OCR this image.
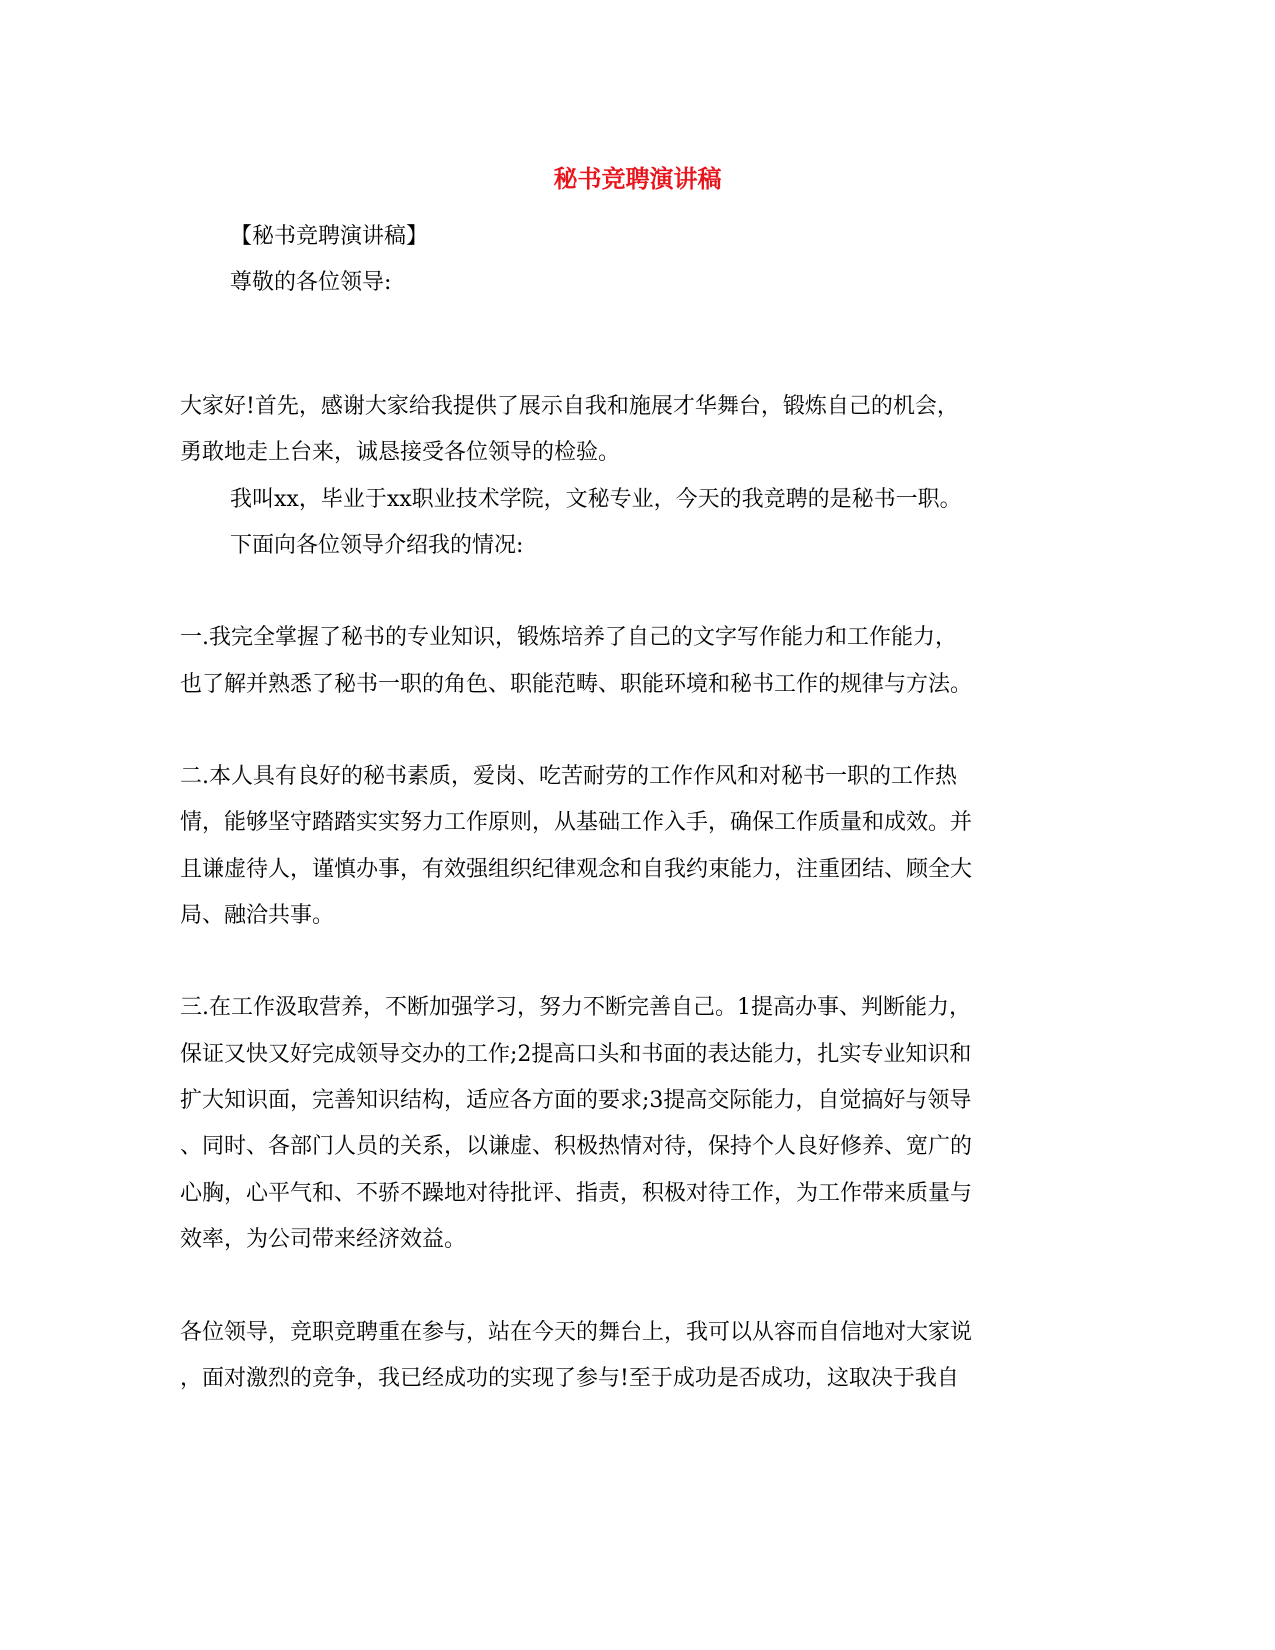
秘书竞聘演讲稿
【秘书竞聘演讲稿】
尊敬的各位领导:
大家好!首先，感谢大家给我提供了展示自我和施展才华舞台，锻炼自己的机会，
勇敢地走上台来，诚恳接受各位领导的检验。
我叫xx，毕业于xx职业技术学院，文秘专业，今天的我竞聘的是秘书一职。
下面向各位领导介绍我的情况:
一.我完全掌握了秘书的专业知识，锻炼培养了自己的文字写作能力和工作能力，
也了解并熟悉了秘书一职的角色、职能范畴、职能环境和秘书工作的规律与方法。
二.本人具有良好的秘书素质，爱岗、吃苦耐劳的工作作风和对秘书一职的工作热
情，能够坚守踏踏实实努力工作原则，从基础工作入手，确保工作质量和成效。并
且谦虚待人，谨慎办事，有效强组织纪律观念和自我约束能力，注重团结、顾全大
局、融洽共事。
三.在工作汲取营养，不断加强学习，努力不断完善自己。1提高办事、判断能力，
保证又快又好完成领导交办的工作;2提高口头和书面的表达能力，扎实专业知识和
扩大知识面，完善知识结构，适应各方面的要求;3提高交际能力，自觉搞好与领导
、同时、各部门人员的关系，以谦虚、积极热情对待，保持个人良好修养、宽广的
心胸，心平气和、不骄不躁地对待批评、指责，积极对待工作，为工作带来质量与
效率，为公司带来经济效益。
各位领导，竞职竞聘重在参与，站在今天的舞台上，我可以从容而自信地对大家说
，面对激烈的竞争，我已经成功的实现了参与!至于成功是否成功，这取决于我自
